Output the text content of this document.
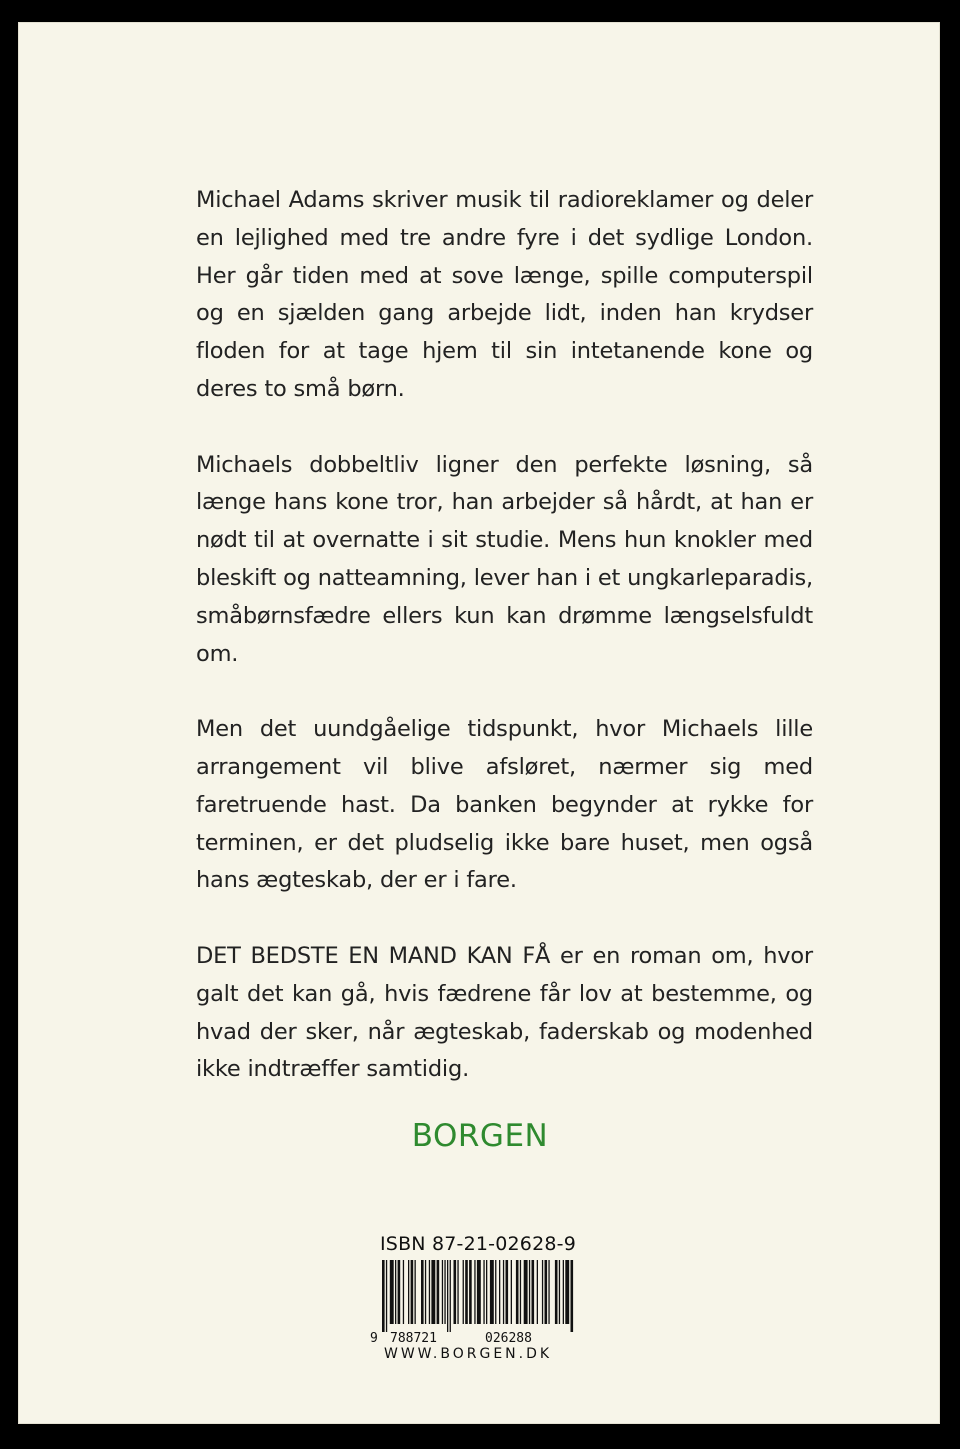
Michael Adams skriver musik til radioreklamer og deler en lejlighed med tre andre fyre i det sydlige London. Her går tiden med at sove længe, spille computerspil og en sjælden gang arbejde lidt, inden han krydser floden for at tage hjem til sin intetanende kone og deres to små børn.

Michaels dobbeltliv ligner den perfekte løsning, så længe hans kone tror, han arbejder så hårdt, at han er nødt til at overnatte i sit studie. Mens hun knokler med bleskift og natteamning, lever han i et ungkarleparadis, småbørnsfædre ellers kun kan drømme længselsfuldt om.

Men det uundgåelige tidspunkt, hvor Michaels lille arrangement vil blive afsløret, nærmer sig med faretruende hast. Da banken begynder at rykke for terminen, er det pludselig ikke bare huset, men også hans ægteskab, der er i fare.

DET BEDSTE EN MAND KAN FÅ er en roman om, hvor galt det kan gå, hvis fædrene får lov at bestemme, og hvad der sker, når ægteskab, faderskab og modenhed ikke indtræffer samtidig.

BORGEN
ISBN 87-21-02628-9
9 788721	026288
WWW.BORGEN.DK
